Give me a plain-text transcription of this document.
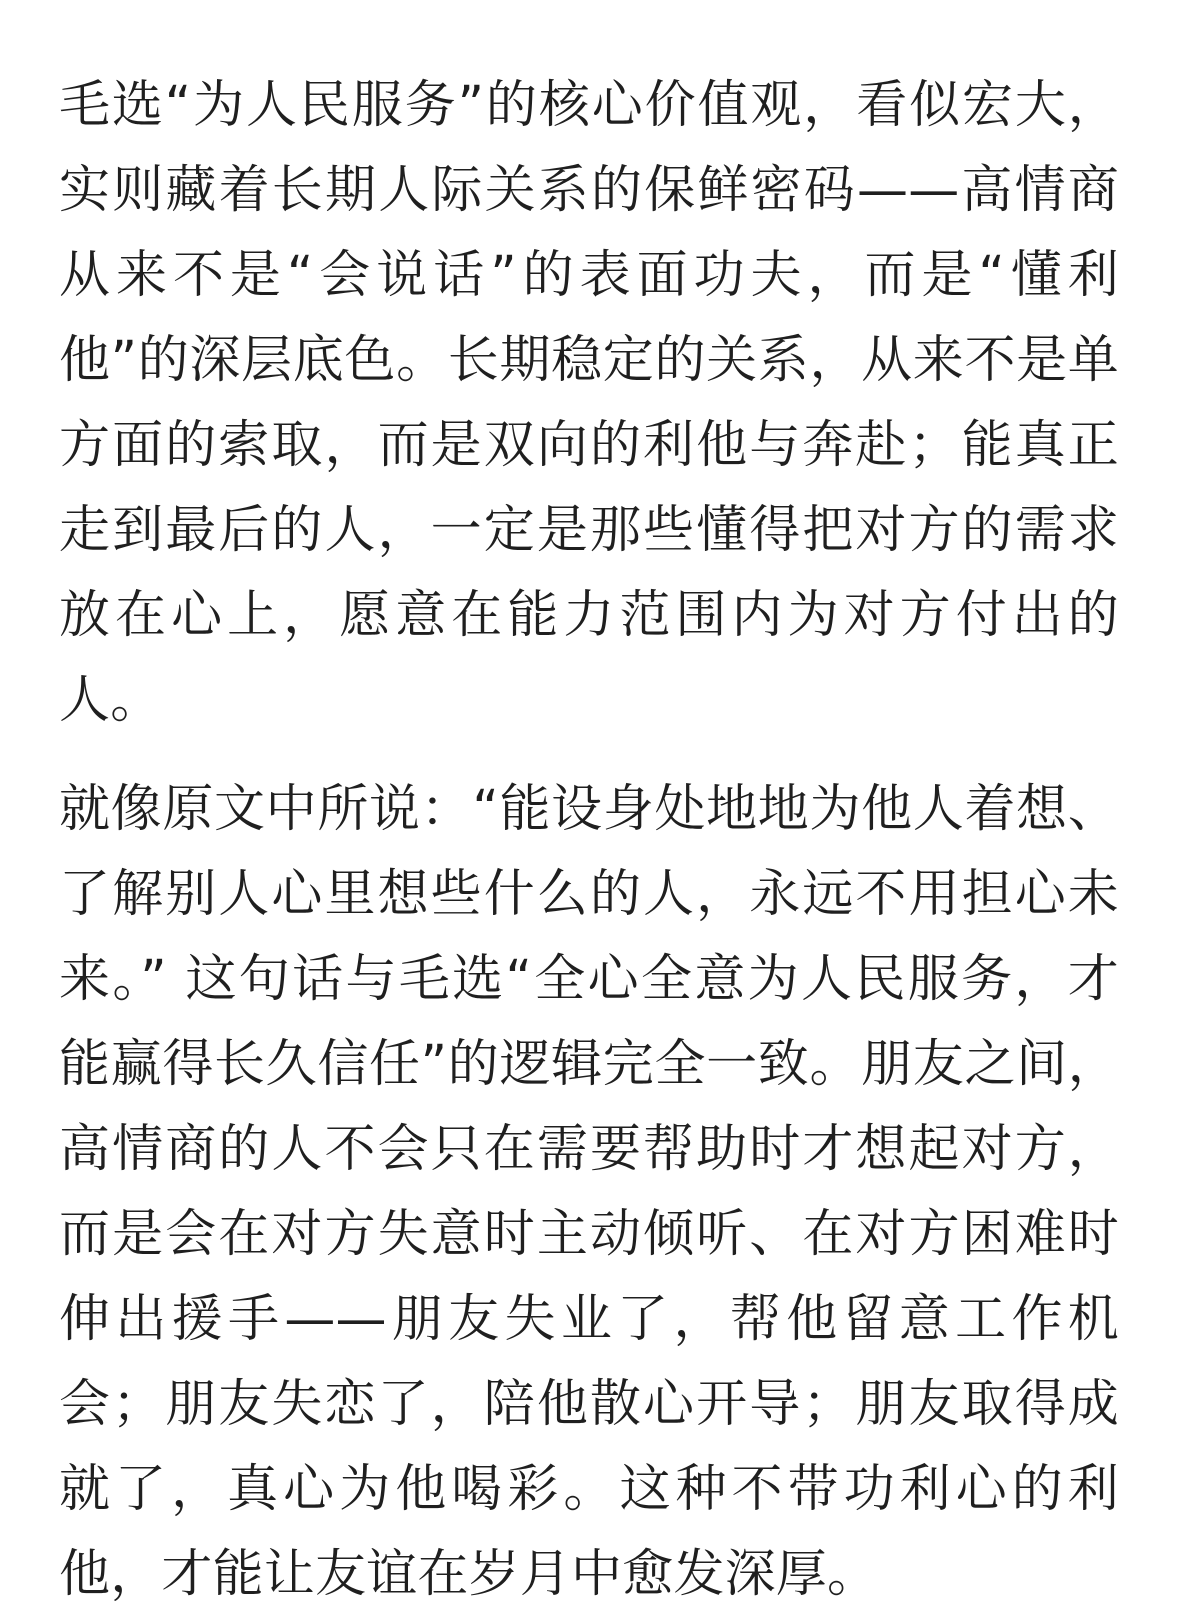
毛选“为人民服务”的核心价值观，看似宏大，实则藏着长期人际关系的保鲜密码——高情商从来不是“会说话”的表面功夫，而是“懂利他”的深层底色。长期稳定的关系，从来不是单方面的索取，而是双向的利他与奔赴；能真正走到最后的人，一定是那些懂得把对方的需求放在心上，愿意在能力范围内为对方付出的人。

就像原文中所说：“能设身处地地为他人着想、了解别人心里想些什么的人，永远不用担心未来。” 这句话与毛选“全心全意为人民服务，才能赢得长久信任”的逻辑完全一致。朋友之间，高情商的人不会只在需要帮助时才想起对方，而是会在对方失意时主动倾听、在对方困难时伸出援手——朋友失业了，帮他留意工作机会；朋友失恋了，陪他散心开导；朋友取得成就了，真心为他喝彩。这种不带功利心的利他，才能让友谊在岁月中愈发深厚。
